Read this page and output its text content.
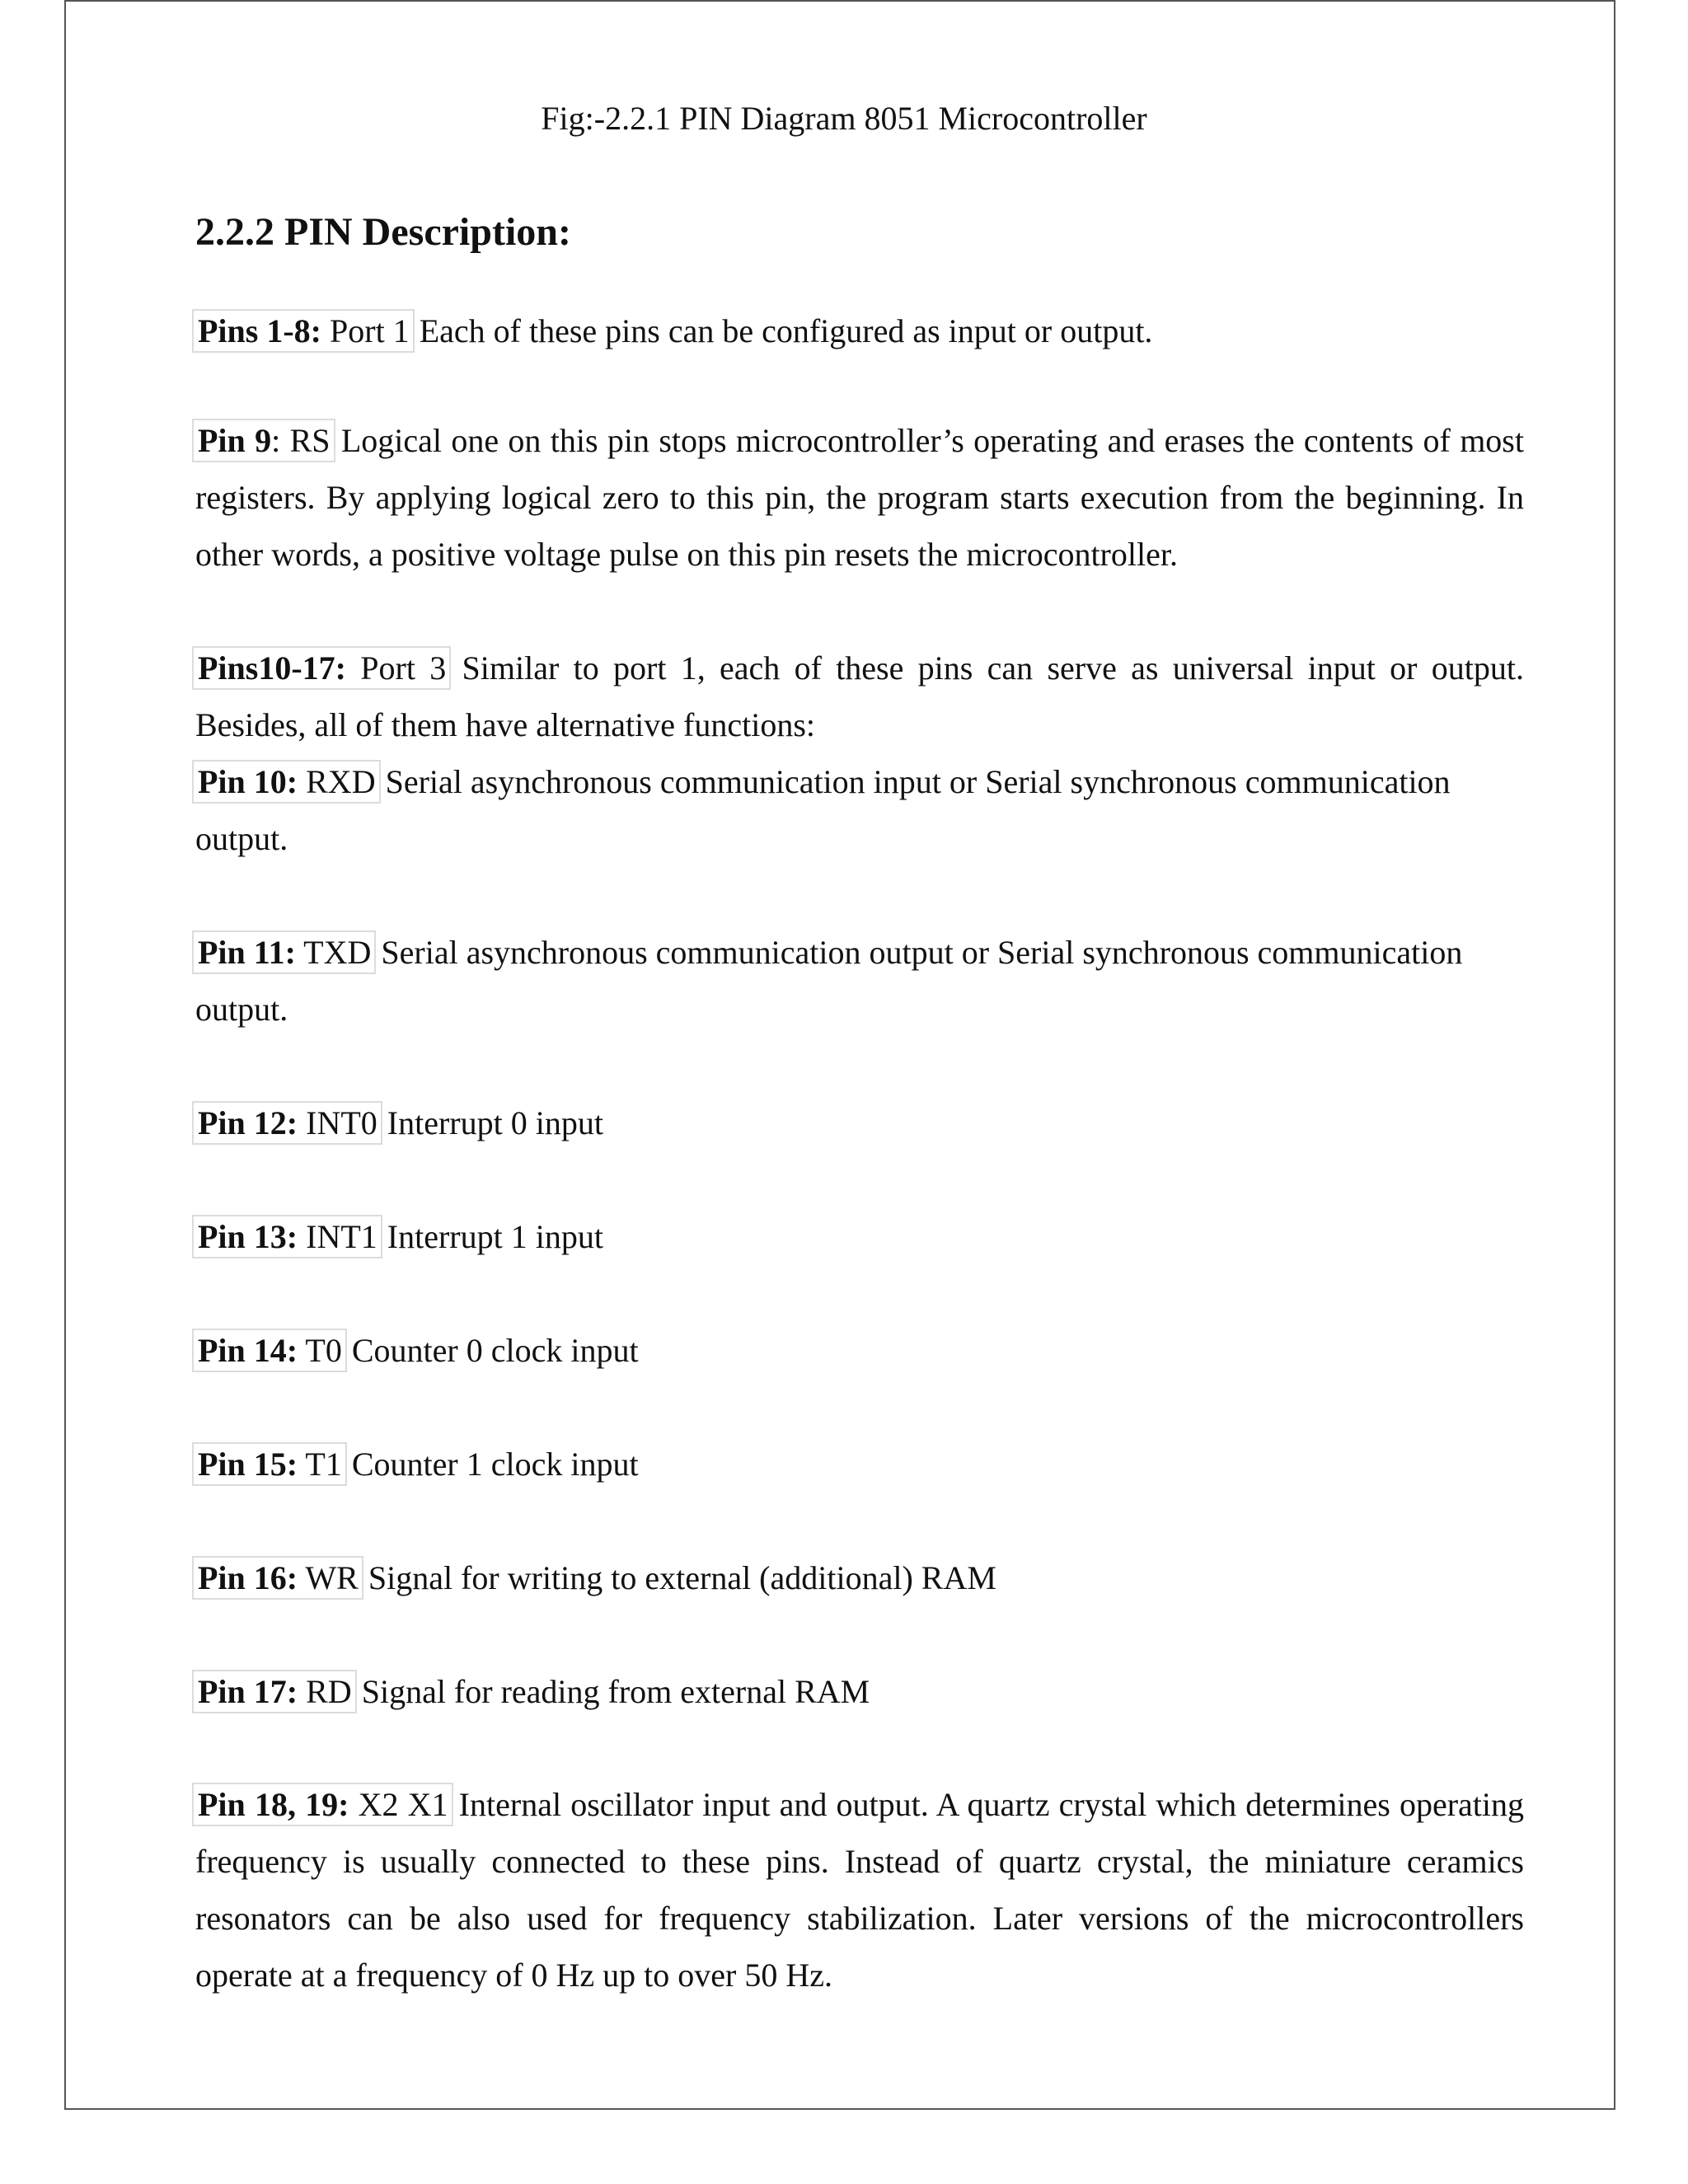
Fig:-2.2.1 PIN Diagram 8051 Microcontroller
2.2.2 PIN Description:
Pins 1-8: Port 1 Each of these pins can be configured as input or output.
Pin 9: RS Logical one on this pin stops microcontroller’s operating and erases the contents of most registers. By applying logical zero to this pin, the program starts execution from the beginning. In other words, a positive voltage pulse on this pin resets the microcontroller.
Pins10-17: Port 3 Similar to port 1, each of these pins can serve as universal input or output. Besides, all of them have alternative functions:
Pin 10: RXD Serial asynchronous communication input or Serial synchronous communication output.
Pin 11: TXD Serial asynchronous communication output or Serial synchronous communication output.
Pin 12: INT0 Interrupt 0 input
Pin 13: INT1 Interrupt 1 input
Pin 14: T0 Counter 0 clock input
Pin 15: T1 Counter 1 clock input
Pin 16: WR Signal for writing to external (additional) RAM
Pin 17: RD Signal for reading from external RAM
Pin 18, 19: X2 X1 Internal oscillator input and output. A quartz crystal which determines operating frequency is usually connected to these pins. Instead of quartz crystal, the miniature ceramics resonators can be also used for frequency stabilization. Later versions of the microcontrollers operate at a frequency of 0 Hz up to over 50 Hz.
